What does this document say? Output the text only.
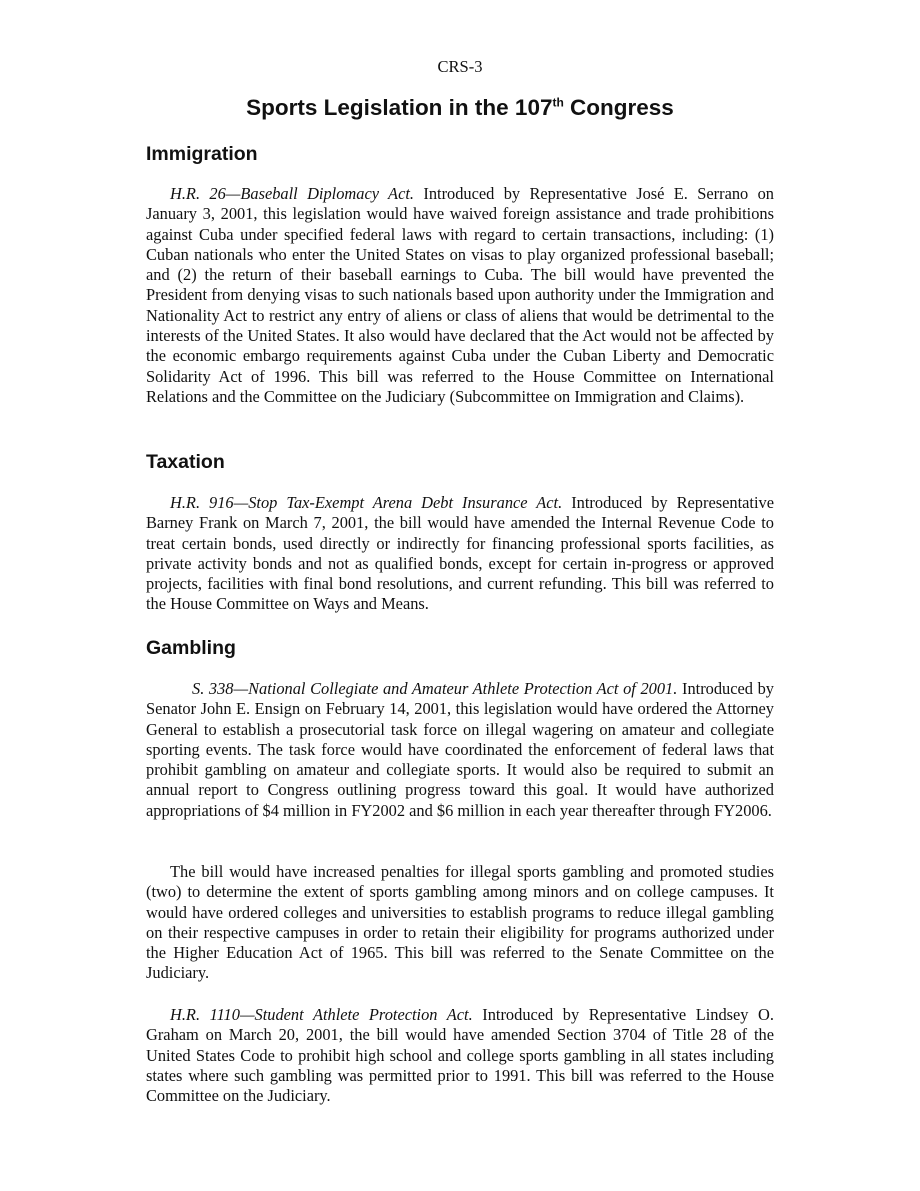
CRS-3
Sports Legislation in the 107th Congress
Immigration

H.R. 26—Baseball Diplomacy Act. Introduced by Representative José E. Serrano on January 3, 2001, this legislation would have waived foreign assistance and trade prohibitions against Cuba under specified federal laws with regard to certain transactions, including: (1) Cuban nationals who enter the United States on visas to play organized professional baseball; and (2) the return of their baseball earnings to Cuba. The bill would have prevented the President from denying visas to such nationals based upon authority under the Immigration and Nationality Act to restrict any entry of aliens or class of aliens that would be detrimental to the interests of the United States. It also would have declared that the Act would not be affected by the economic embargo requirements against Cuba under the Cuban Liberty and Democratic Solidarity Act of 1996. This bill was referred to the House Committee on International Relations and the Committee on the Judiciary (Subcommittee on Immigration and Claims).

Taxation

H.R. 916—Stop Tax-Exempt Arena Debt Insurance Act. Introduced by Representative Barney Frank on March 7, 2001, the bill would have amended the Internal Revenue Code to treat certain bonds, used directly or indirectly for financing professional sports facilities, as private activity bonds and not as qualified bonds, except for certain in-progress or approved projects, facilities with final bond resolutions, and current refunding. This bill was referred to the House Committee on Ways and Means.

Gambling

S. 338—National Collegiate and Amateur Athlete Protection Act of 2001. Introduced by Senator John E. Ensign on February 14, 2001, this legislation would have ordered the Attorney General to establish a prosecutorial task force on illegal wagering on amateur and collegiate sporting events. The task force would have coordinated the enforcement of federal laws that prohibit gambling on amateur and collegiate sports. It would also be required to submit an annual report to Congress outlining progress toward this goal. It would have authorized appropriations of $4 million in FY2002 and $6 million in each year thereafter through FY2006.

The bill would have increased penalties for illegal sports gambling and promoted studies (two) to determine the extent of sports gambling among minors and on college campuses. It would have ordered colleges and universities to establish programs to reduce illegal gambling on their respective campuses in order to retain their eligibility for programs authorized under the Higher Education Act of 1965. This bill was referred to the Senate Committee on the Judiciary.

H.R. 1110—Student Athlete Protection Act. Introduced by Representative Lindsey O. Graham on March 20, 2001, the bill would have amended Section 3704 of Title 28 of the United States Code to prohibit high school and college sports gambling in all states including states where such gambling was permitted prior to 1991. This bill was referred to the House Committee on the Judiciary.
